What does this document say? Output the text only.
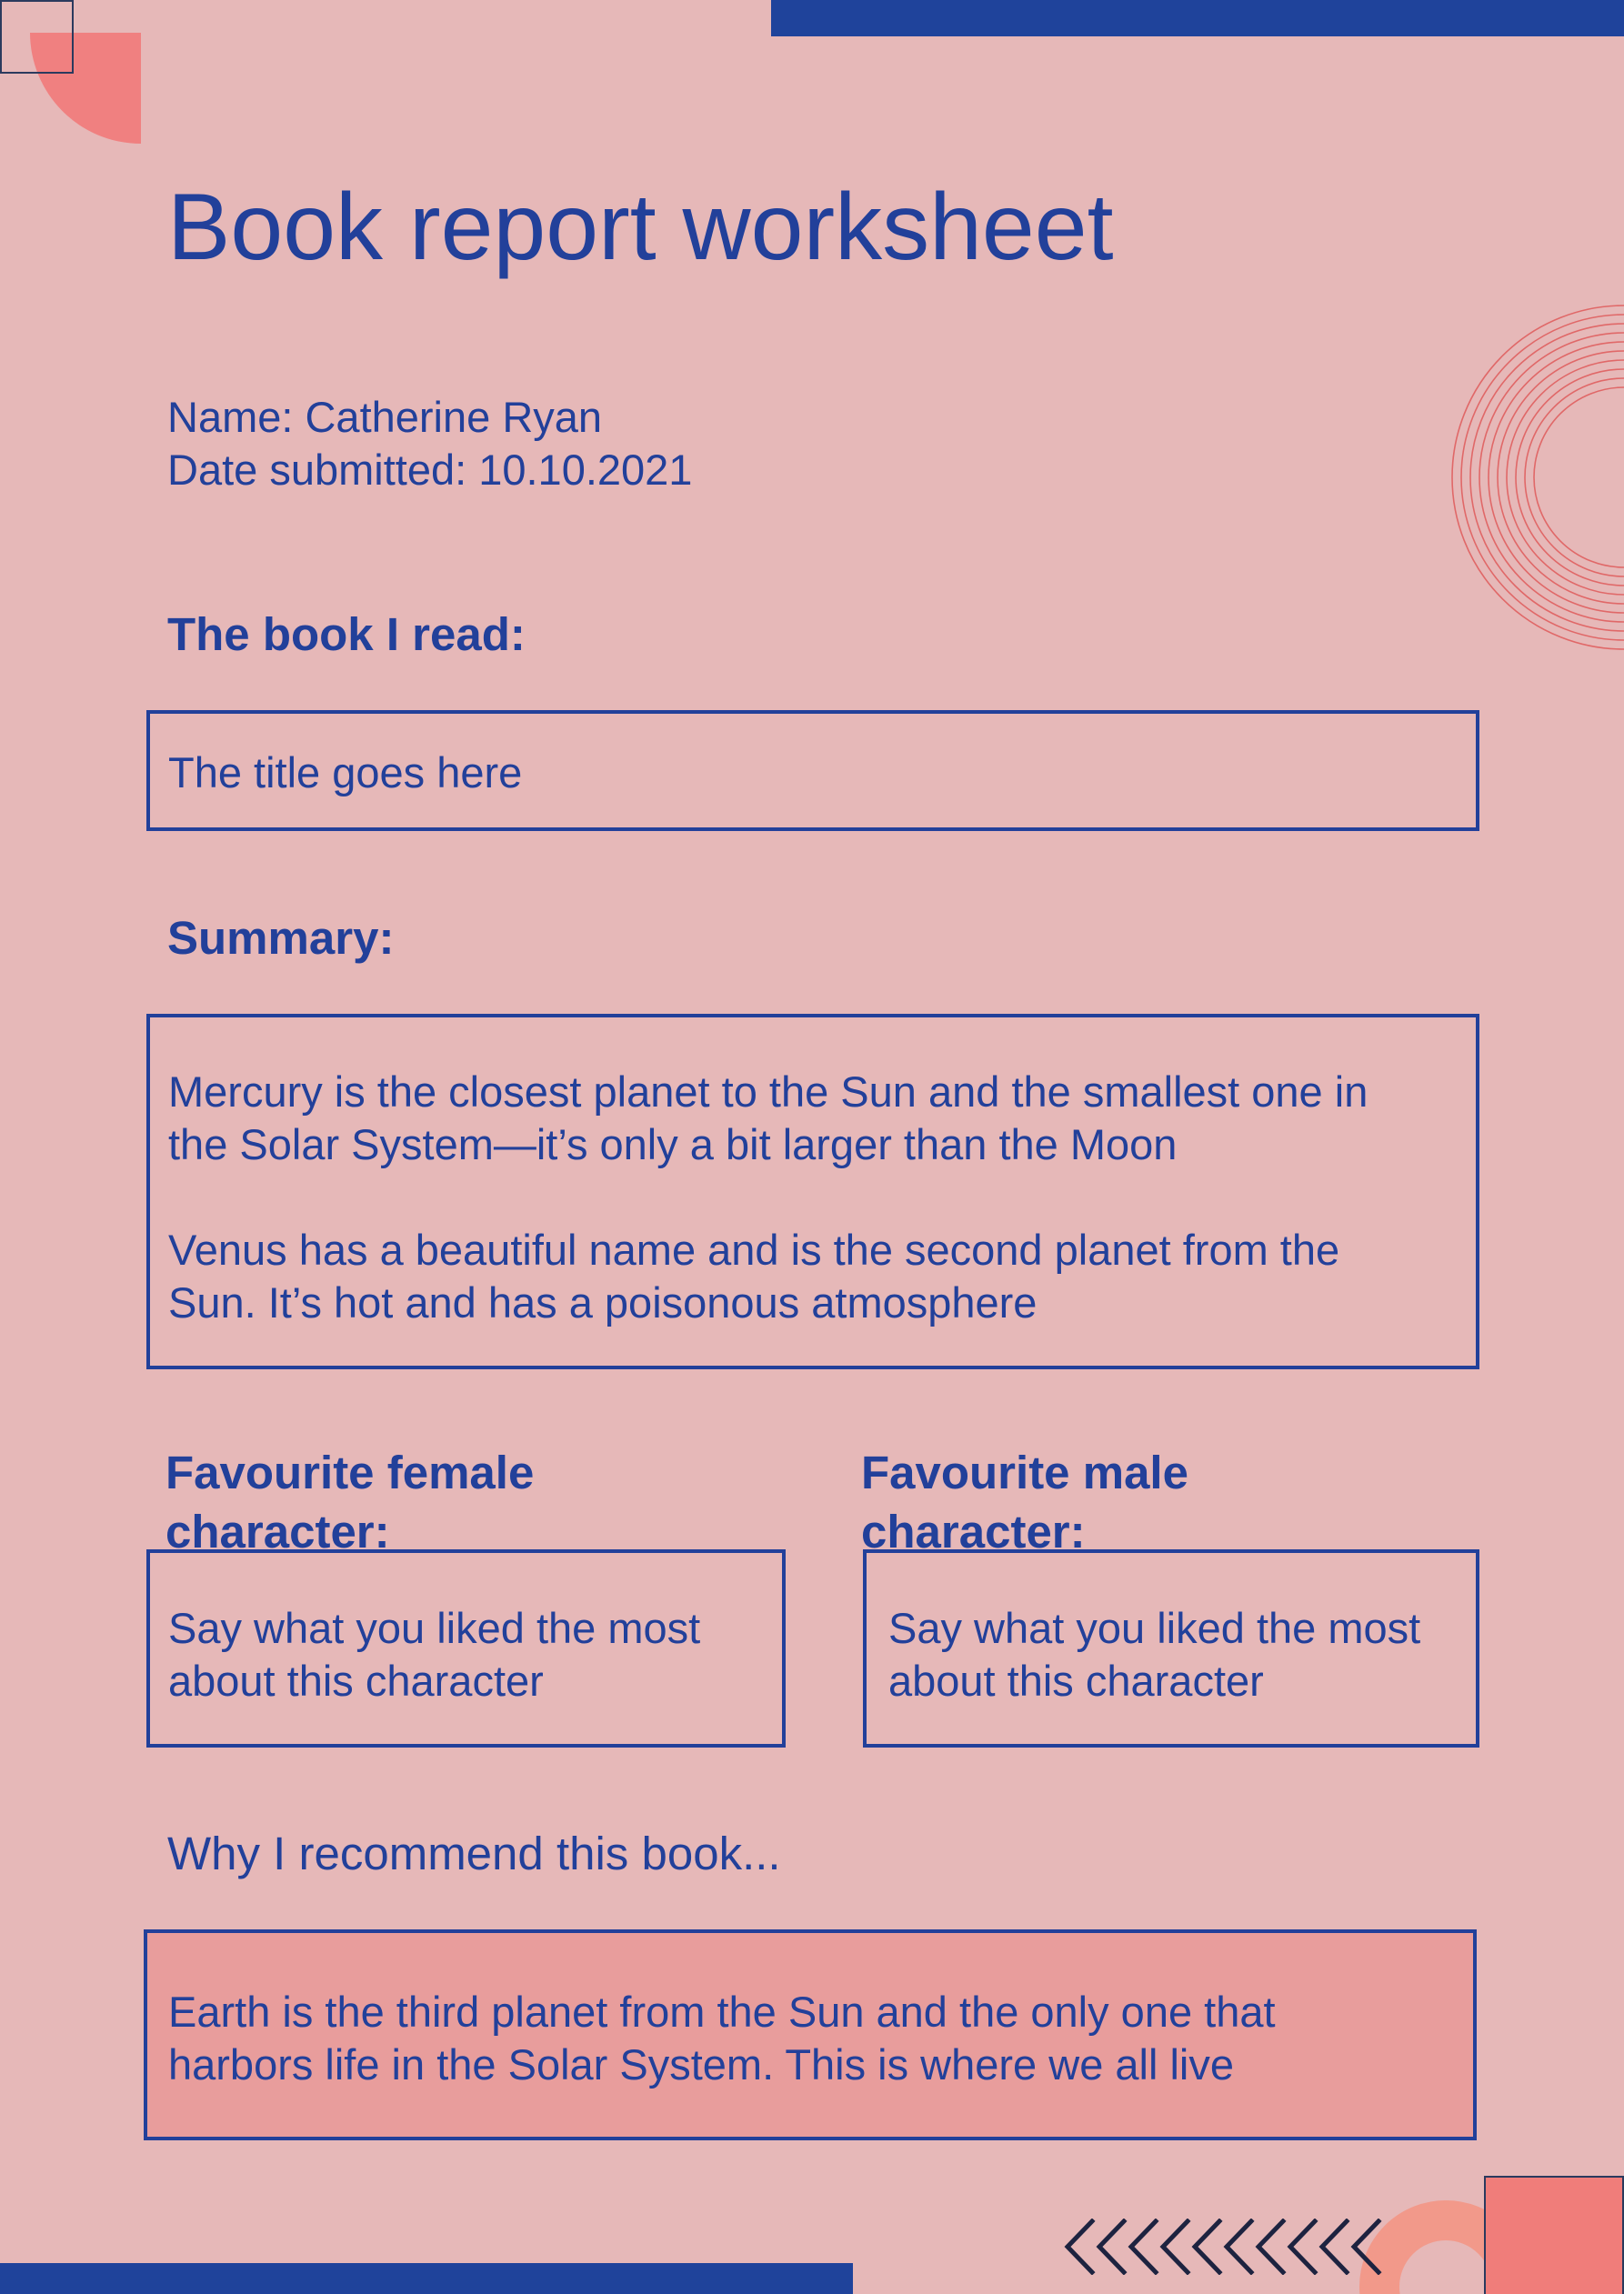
Book report worksheet
Name: Catherine Ryan
Date submitted: 10.10.2021
The book I read:
The title goes here
Summary:

Mercury is the closest planet to the Sun and the smallest one in
the Solar System—it’s only a bit larger than the Moon

Venus has a beautiful name and is the second planet from the
Sun. It’s hot and has a poisonous atmosphere

Favourite female
character:
Say what you liked the most
about this character
Favourite male
character:
Say what you liked the most
about this character
Why I recommend this book...
Earth is the third planet from the Sun and the only one that
harbors life in the Solar System. This is where we all live
